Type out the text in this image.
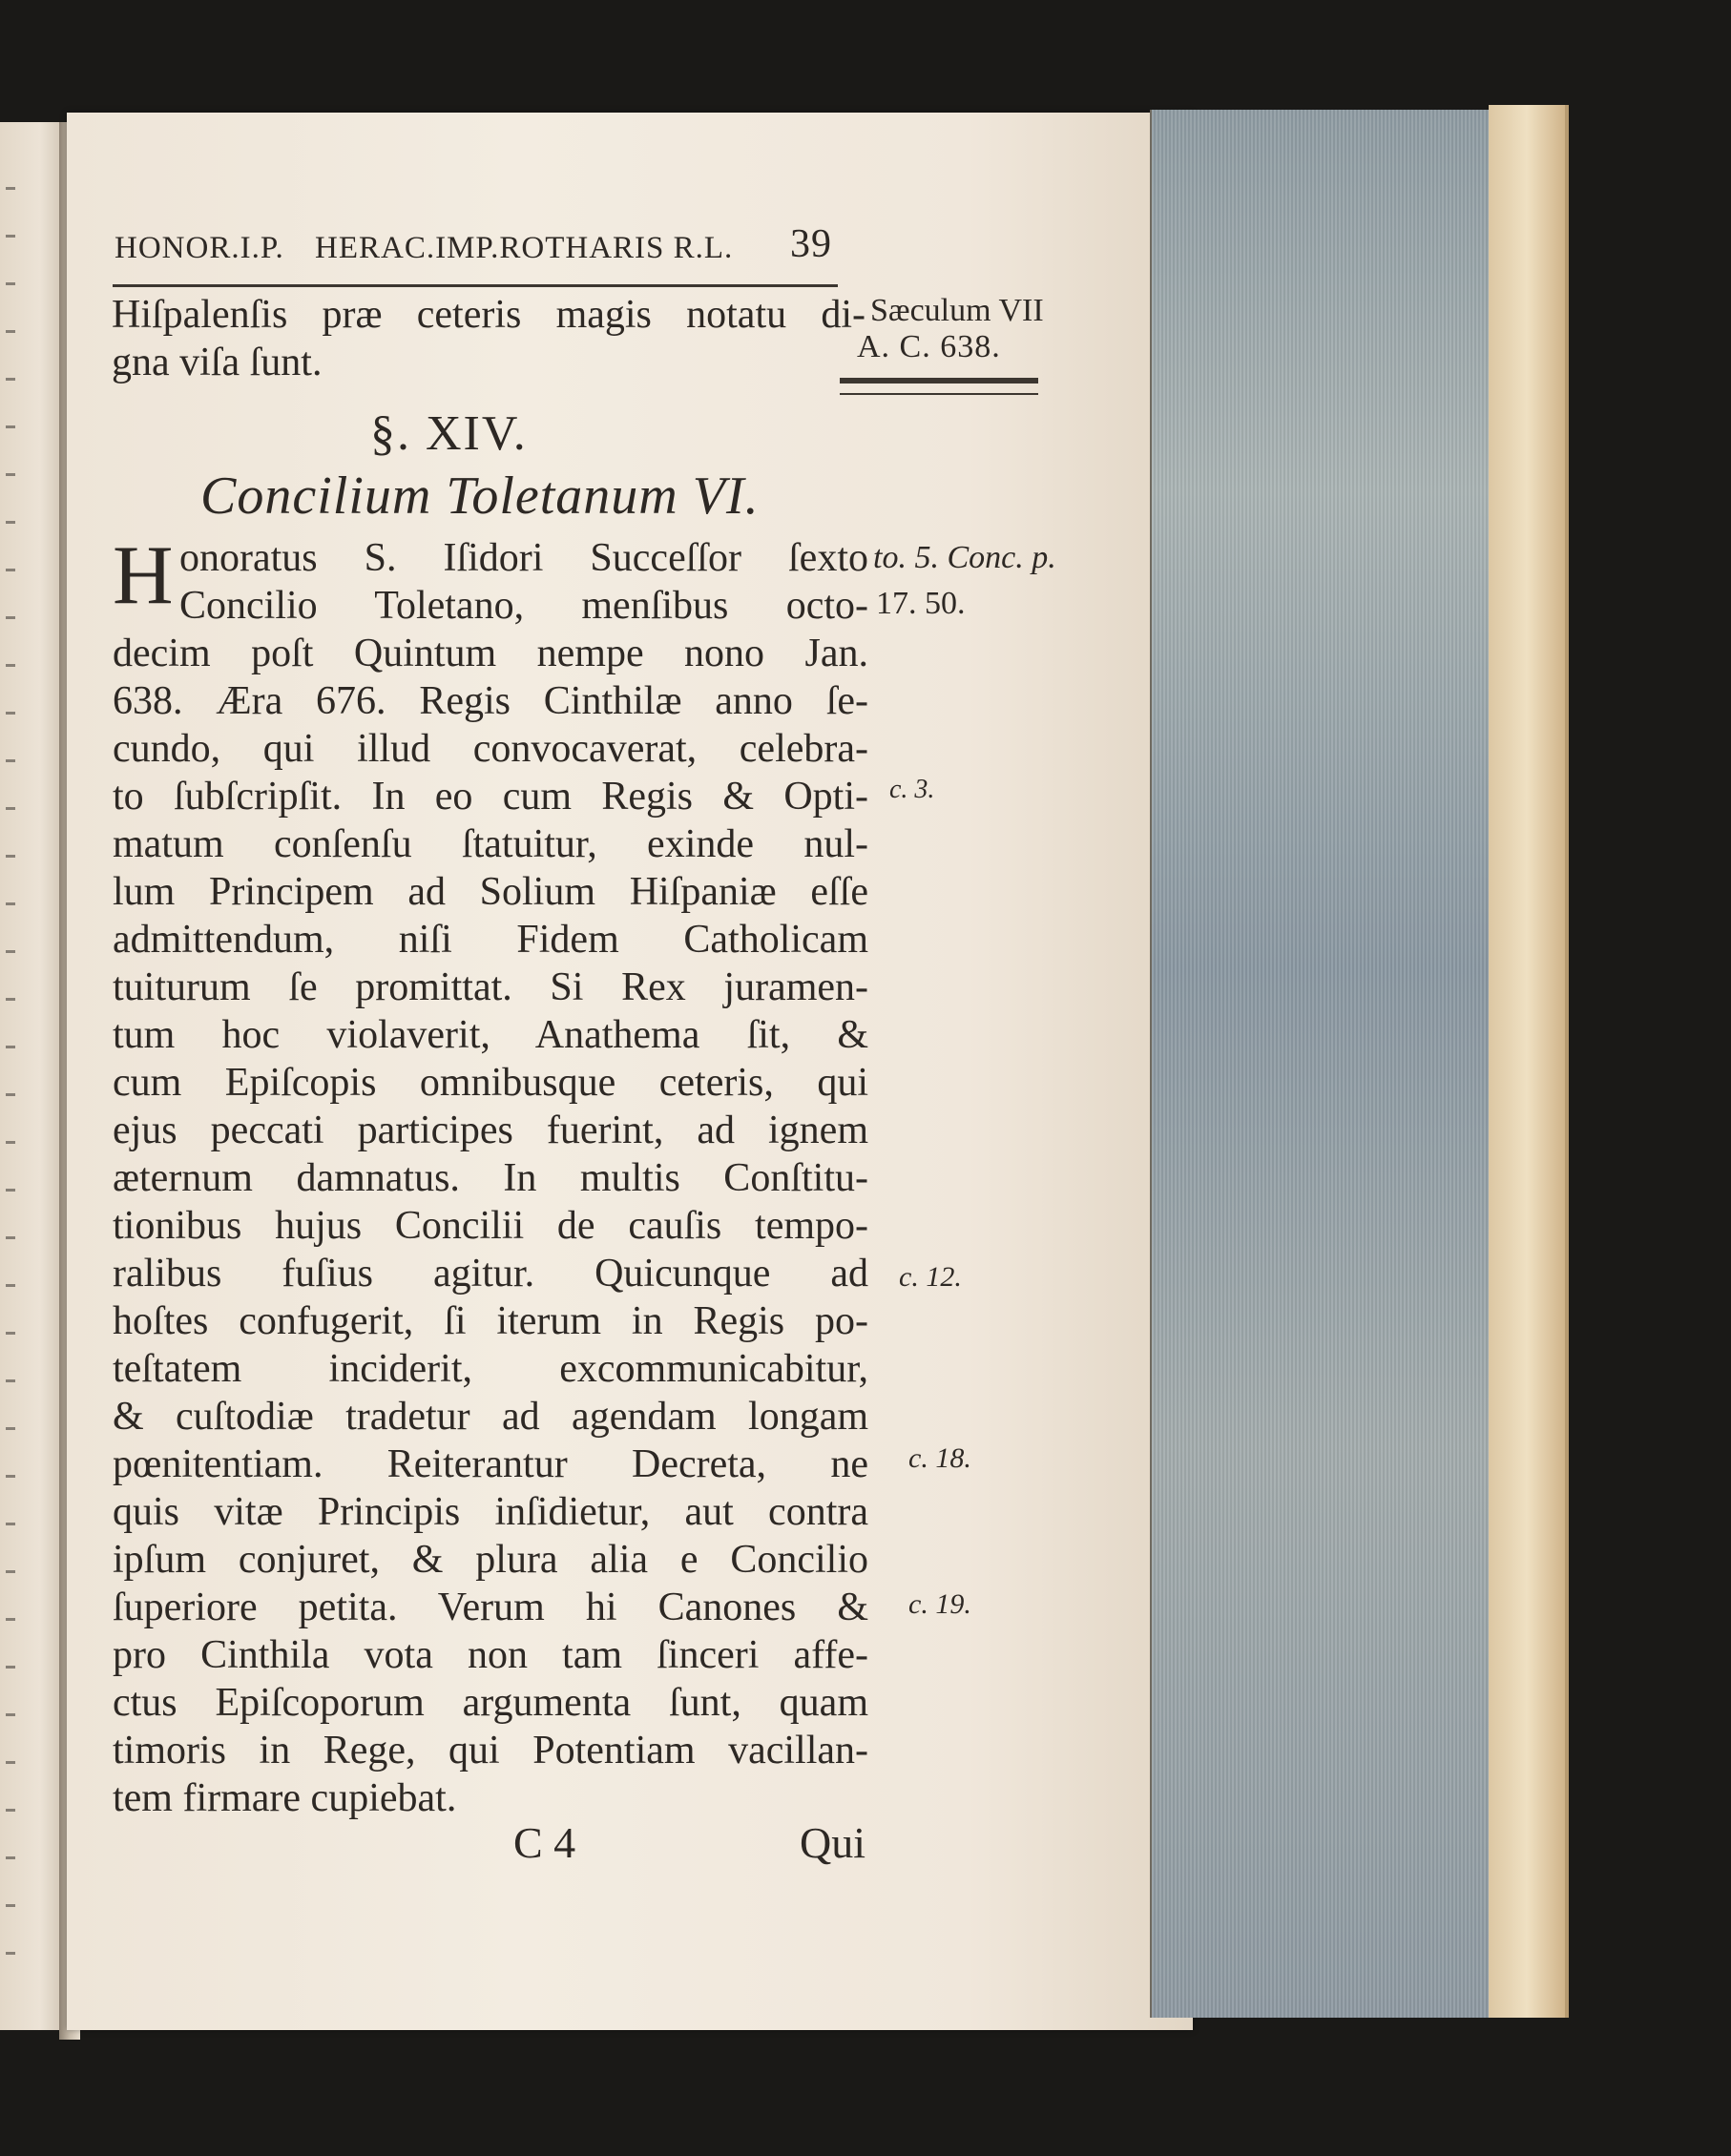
HONOR.I.P. HERAC.IMP.ROTHARIS R.L. 39
Hiſpalenſis præ ceteris magis notatu di-
gna viſa ſunt.
§. XIV.
Concilium Toletanum VI.
H onoratus S. Iſidori Succeſſor ſexto
Concilio Toletano, menſibus octo-
decim poſt Quintum nempe nono Jan.
638. Æra 676. Regis Cinthilæ anno ſe-
cundo, qui illud convocaverat, celebra-
to ſubſcripſit. In eo cum Regis & Opti-
matum conſenſu ſtatuitur, exinde nul-
lum Principem ad Solium Hiſpaniæ eſſe
admittendum, niſi Fidem Catholicam
tuiturum ſe promittat. Si Rex juramen-
tum hoc violaverit, Anathema ſit, &
cum Epiſcopis omnibusque ceteris, qui
ejus peccati participes fuerint, ad ignem
æternum damnatus. In multis Conſtitu-
tionibus hujus Concilii de cauſis tempo-
ralibus fuſius agitur. Quicunque ad
hoſtes confugerit, ſi iterum in Regis po-
teſtatem inciderit, excommunicabitur,
& cuſtodiæ tradetur ad agendam longam
pœnitentiam. Reiterantur Decreta, ne
quis vitæ Principis inſidietur, aut contra
ipſum conjuret, & plura alia e Concilio
ſuperiore petita. Verum hi Canones &
pro Cinthila vota non tam ſinceri affe-
ctus Epiſcoporum argumenta ſunt, quam
timoris in Rege, qui Potentiam vacillan-
tem firmare cupiebat.
C 4	Qui
Sæculum VII
A. C. 638.
to. 5. Conc. p.
17. 50.
c. 3.
c. 12.
c. 18.
c. 19.
